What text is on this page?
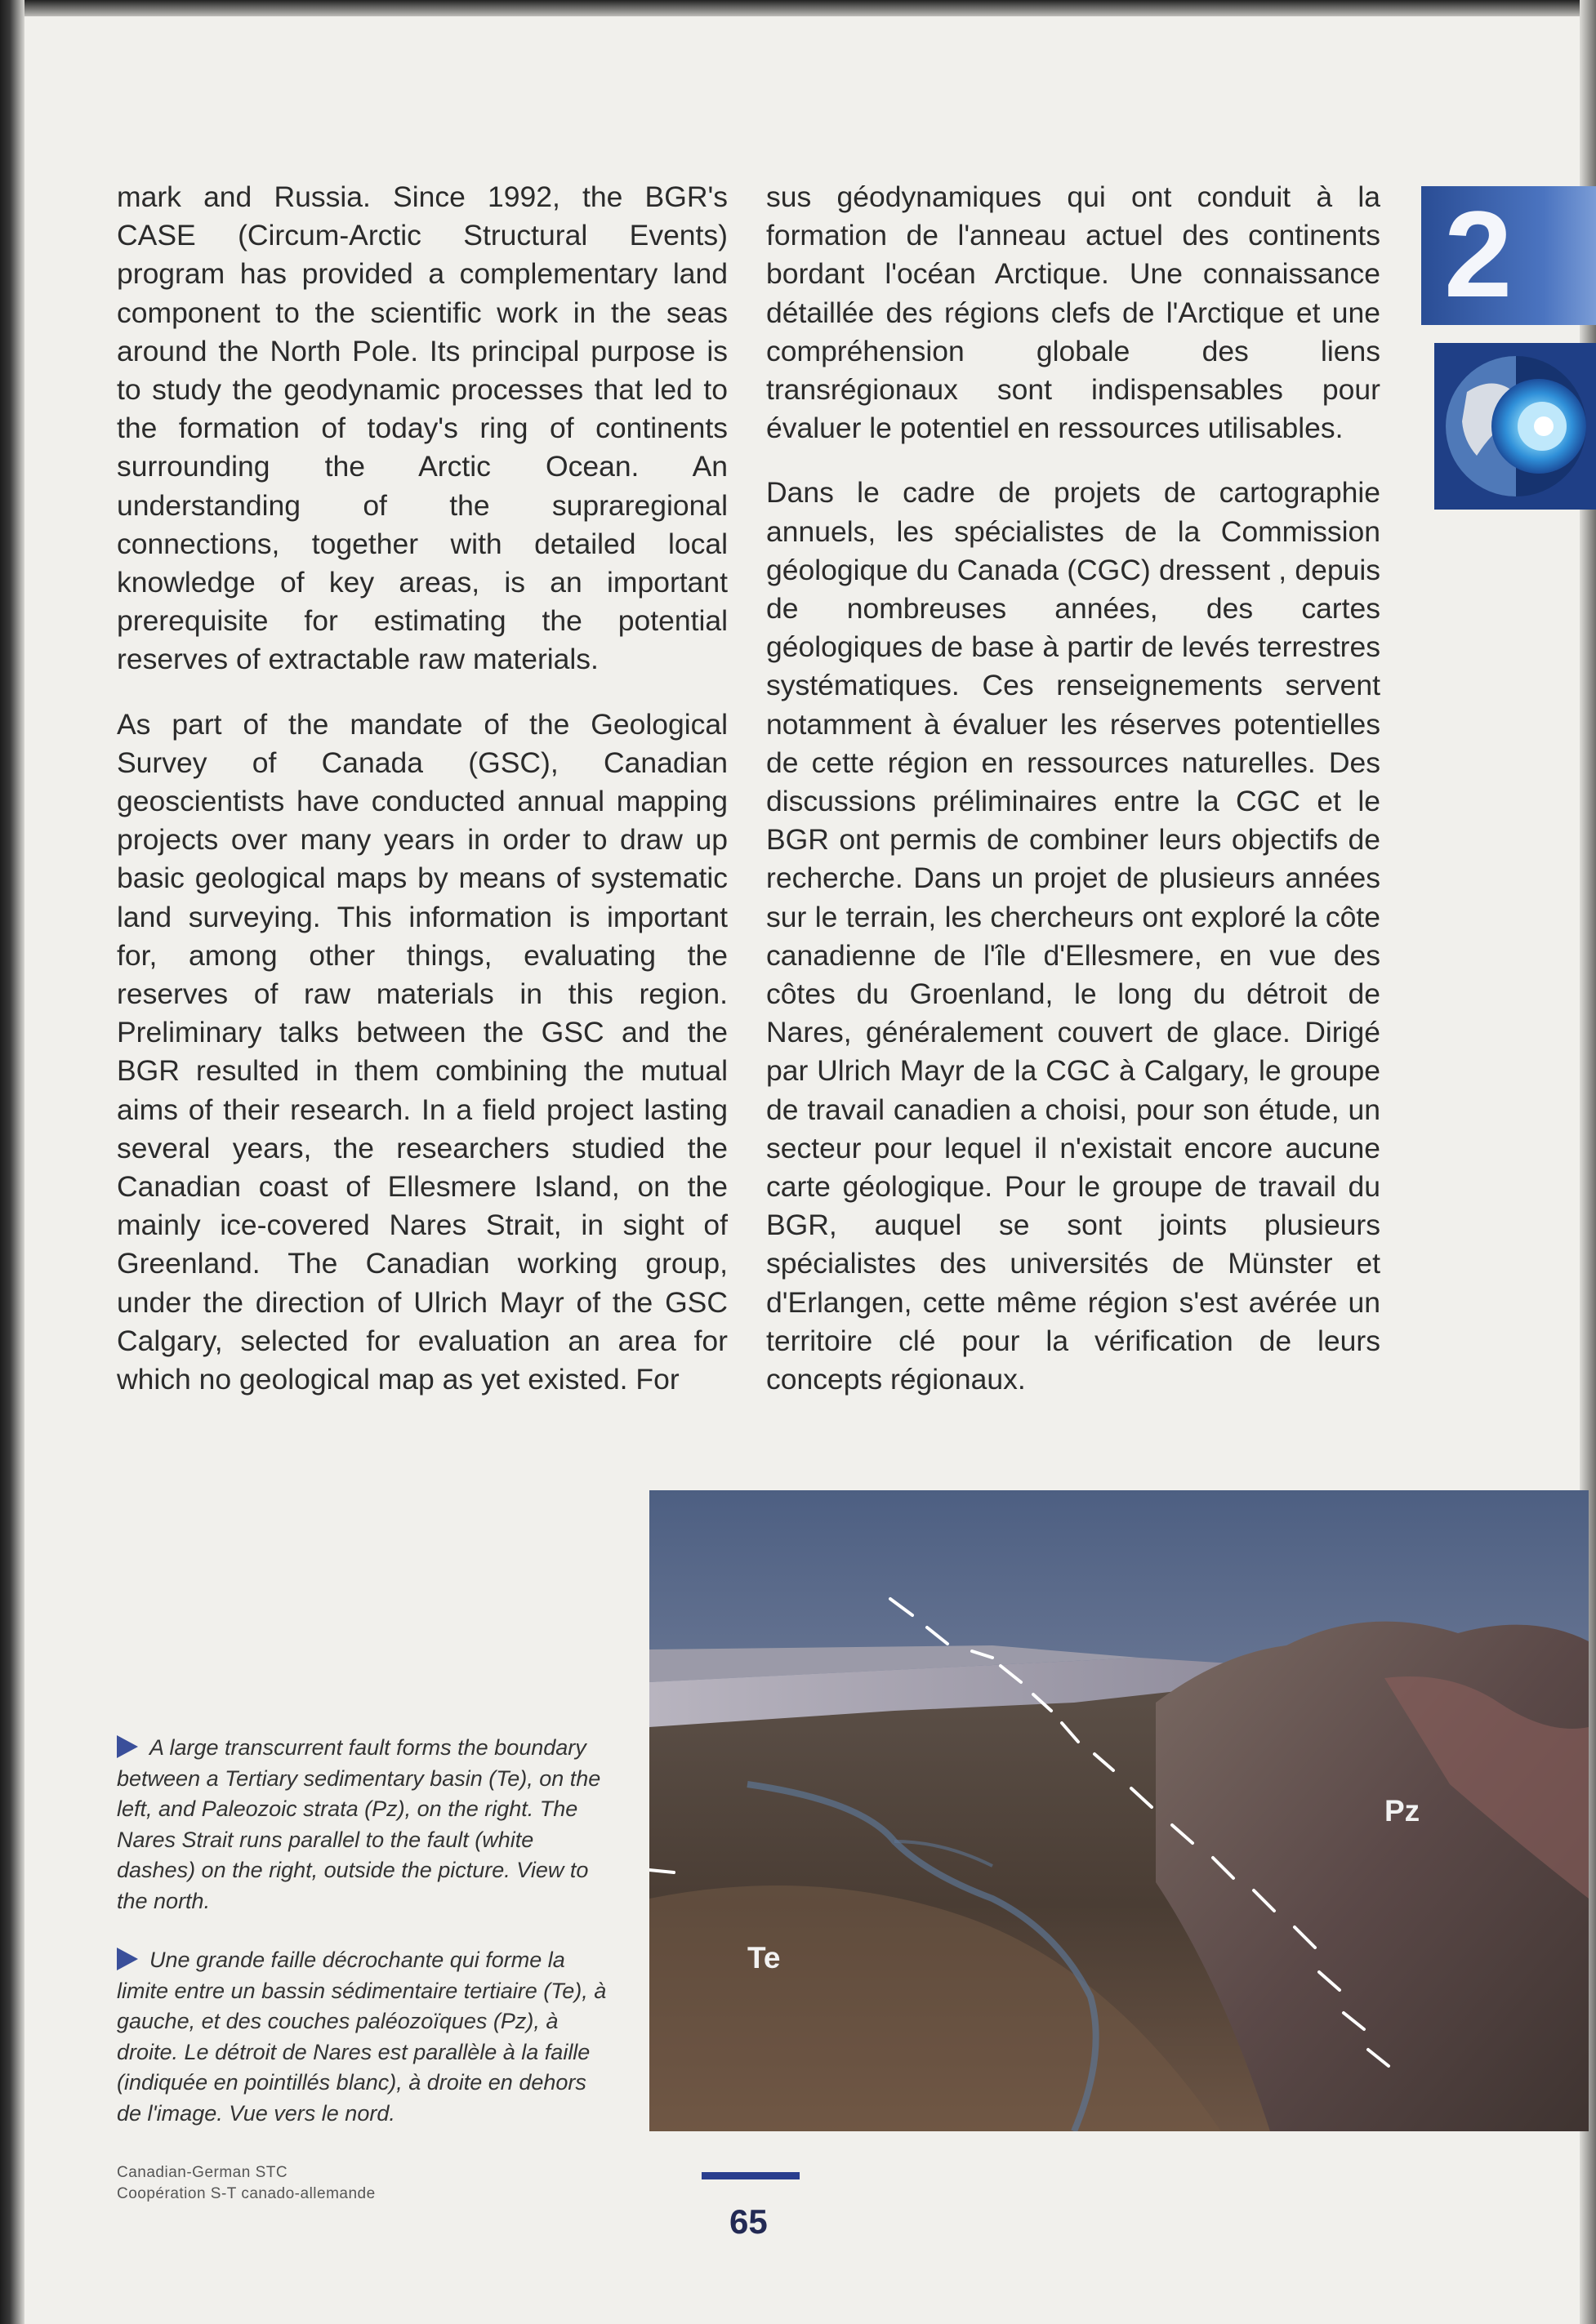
mark and Russia. Since 1992, the BGR's CASE (Circum-Arctic Structural Events) program has provided a complementary land component to the scientific work in the seas around the North Pole. Its principal purpose is to study the geodynamic processes that led to the formation of today's ring of continents surrounding the Arctic Ocean. An understanding of the supraregional connections, together with detailed local knowledge of key areas, is an important prerequisite for estimating the potential reserves of extractable raw materials.

As part of the mandate of the Geological Survey of Canada (GSC), Canadian geoscientists have conducted annual mapping projects over many years in order to draw up basic geological maps by means of systematic land surveying. This information is important for, among other things, evaluating the reserves of raw materials in this region. Preliminary talks between the GSC and the BGR resulted in them combining the mutual aims of their research. In a field project lasting several years, the researchers studied the Canadian coast of Ellesmere Island, on the mainly ice-covered Nares Strait, in sight of Greenland. The Canadian working group, under the direction of Ulrich Mayr of the GSC Calgary, selected for evaluation an area for which no geological map as yet existed. For

sus géodynamiques qui ont conduit à la formation de l'anneau actuel des continents bordant l'océan Arctique. Une connaissance détaillée des régions clefs de l'Arctique et une compréhension globale des liens transrégionaux sont indispensables pour évaluer le potentiel en ressources utilisables.

Dans le cadre de projets de cartographie annuels, les spécialistes de la Commission géologique du Canada (CGC) dressent , depuis de nombreuses années, des cartes géologiques de base à partir de levés terrestres systématiques. Ces renseignements servent notamment à évaluer les réserves potentielles de cette région en ressources naturelles. Des discussions préliminaires entre la CGC et le BGR ont permis de combiner leurs objectifs de recherche. Dans un projet de plusieurs années sur le terrain, les chercheurs ont exploré la côte canadienne de l'île d'Ellesmere, en vue des côtes du Groenland, le long du détroit de Nares, généralement couvert de glace. Dirigé par Ulrich Mayr de la CGC à Calgary, le groupe de travail canadien a choisi, pour son étude, un secteur pour lequel il n'existait encore aucune carte géologique. Pour le groupe de travail du BGR, auquel se sont joints plusieurs spécialistes des universités de Münster et d'Erlangen, cette même région s'est avérée un territoire clé pour la vérification de leurs concepts régionaux.

2
A large transcurrent fault forms the boundary between a Tertiary sedimentary basin (Te), on the left, and Paleozoic strata (Pz), on the right. The Nares Strait runs parallel to the fault (white dashes) on the right, outside the picture. View to the north.
Une grande faille décrochante qui forme la limite entre un bassin sédimentaire tertiaire (Te), à gauche, et des couches paléozoïques (Pz), à droite. Le détroit de Nares est parallèle à la faille (indiquée en pointillés blanc), à droite en dehors de l'image. Vue vers le nord.
Te
Pz
Canadian-German STC
Coopération S-T canado-allemande
65
